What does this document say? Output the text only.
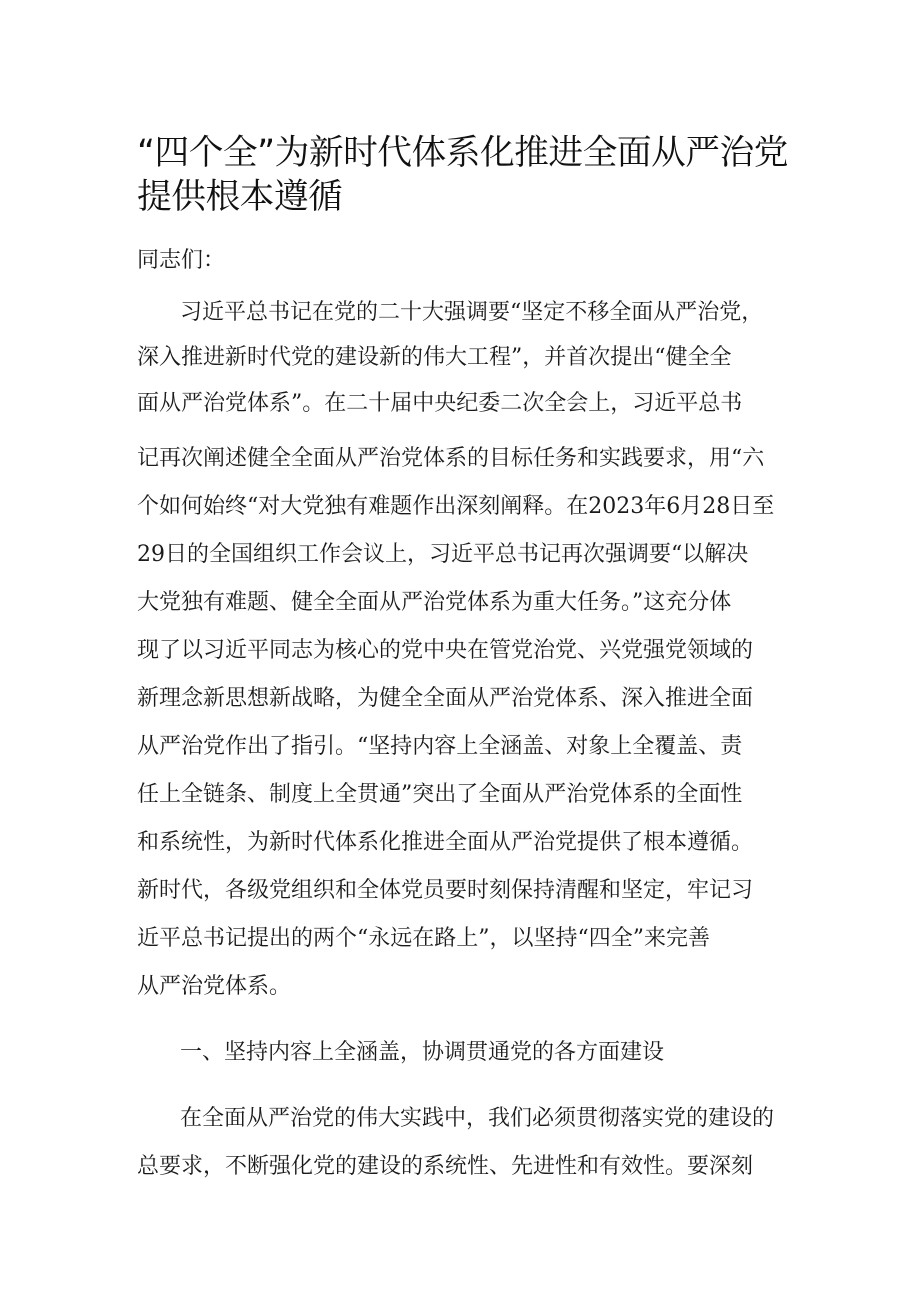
“四个全”为新时代体系化推进全面从严治党
提供根本遵循

同志们：

习近平总书记在党的二十大强调要“坚定不移全面从严治党，

深入推进新时代党的建设新的伟大工程”，并首次提出“健全全

面从严治党体系”。在二十届中央纪委二次全会上，习近平总书

记再次阐述健全全面从严治党体系的目标任务和实践要求，用“六

个如何始终“对大党独有难题作出深刻阐释。在2023年6月28日至

29日的全国组织工作会议上，习近平总书记再次强调要“以解决

大党独有难题、健全全面从严治党体系为重大任务。”这充分体

现了以习近平同志为核心的党中央在管党治党、兴党强党领域的

新理念新思想新战略，为健全全面从严治党体系、深入推进全面

从严治党作出了指引。“坚持内容上全涵盖、对象上全覆盖、责

任上全链条、制度上全贯通”突出了全面从严治党体系的全面性

和系统性，为新时代体系化推进全面从严治党提供了根本遵循。

新时代，各级党组织和全体党员要时刻保持清醒和坚定，牢记习

近平总书记提出的两个“永远在路上”，以坚持“四全”来完善

从严治党体系。

一、坚持内容上全涵盖，协调贯通党的各方面建设

在全面从严治党的伟大实践中，我们必须贯彻落实党的建设的

总要求，不断强化党的建设的系统性、先进性和有效性。要深刻
